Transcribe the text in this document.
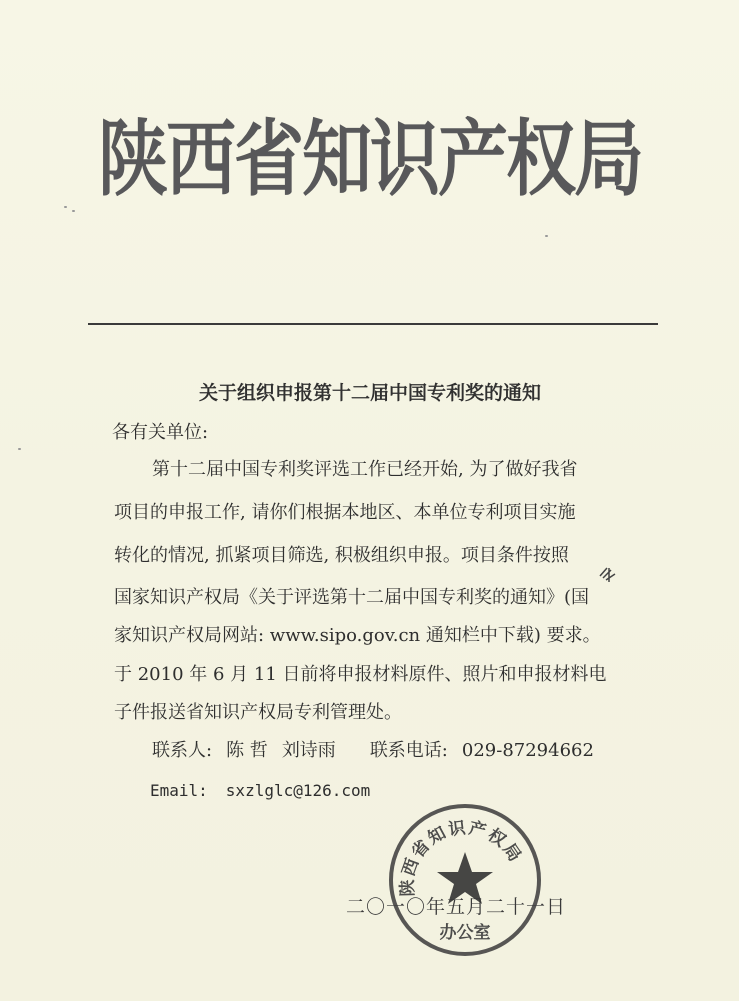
陕西省知识产权局
关于组织申报第十二届中国专利奖的通知
各有关单位:
第十二届中国专利奖评选工作已经开始, 为了做好我省
项目的申报工作, 请你们根据本地区、本单位专利项目实施
转化的情况, 抓紧项目筛选, 积极组织申报。项目条件按照
国家知识产权局《关于评选第十二届中国专利奖的通知》(国
家知识产权局网站: www.sipo.gov.cn 通知栏中下载) 要求。
于 2010 年 6 月 11 日前将申报材料原件、照片和申报材料电
子件报送省知识产权局专利管理处。
联系人: 陈 哲 刘诗雨 联系电话: 029-87294662
Email: sxzlglc@126.com
二〇一〇年五月二十一日
陕西省知识产权局
办公室
